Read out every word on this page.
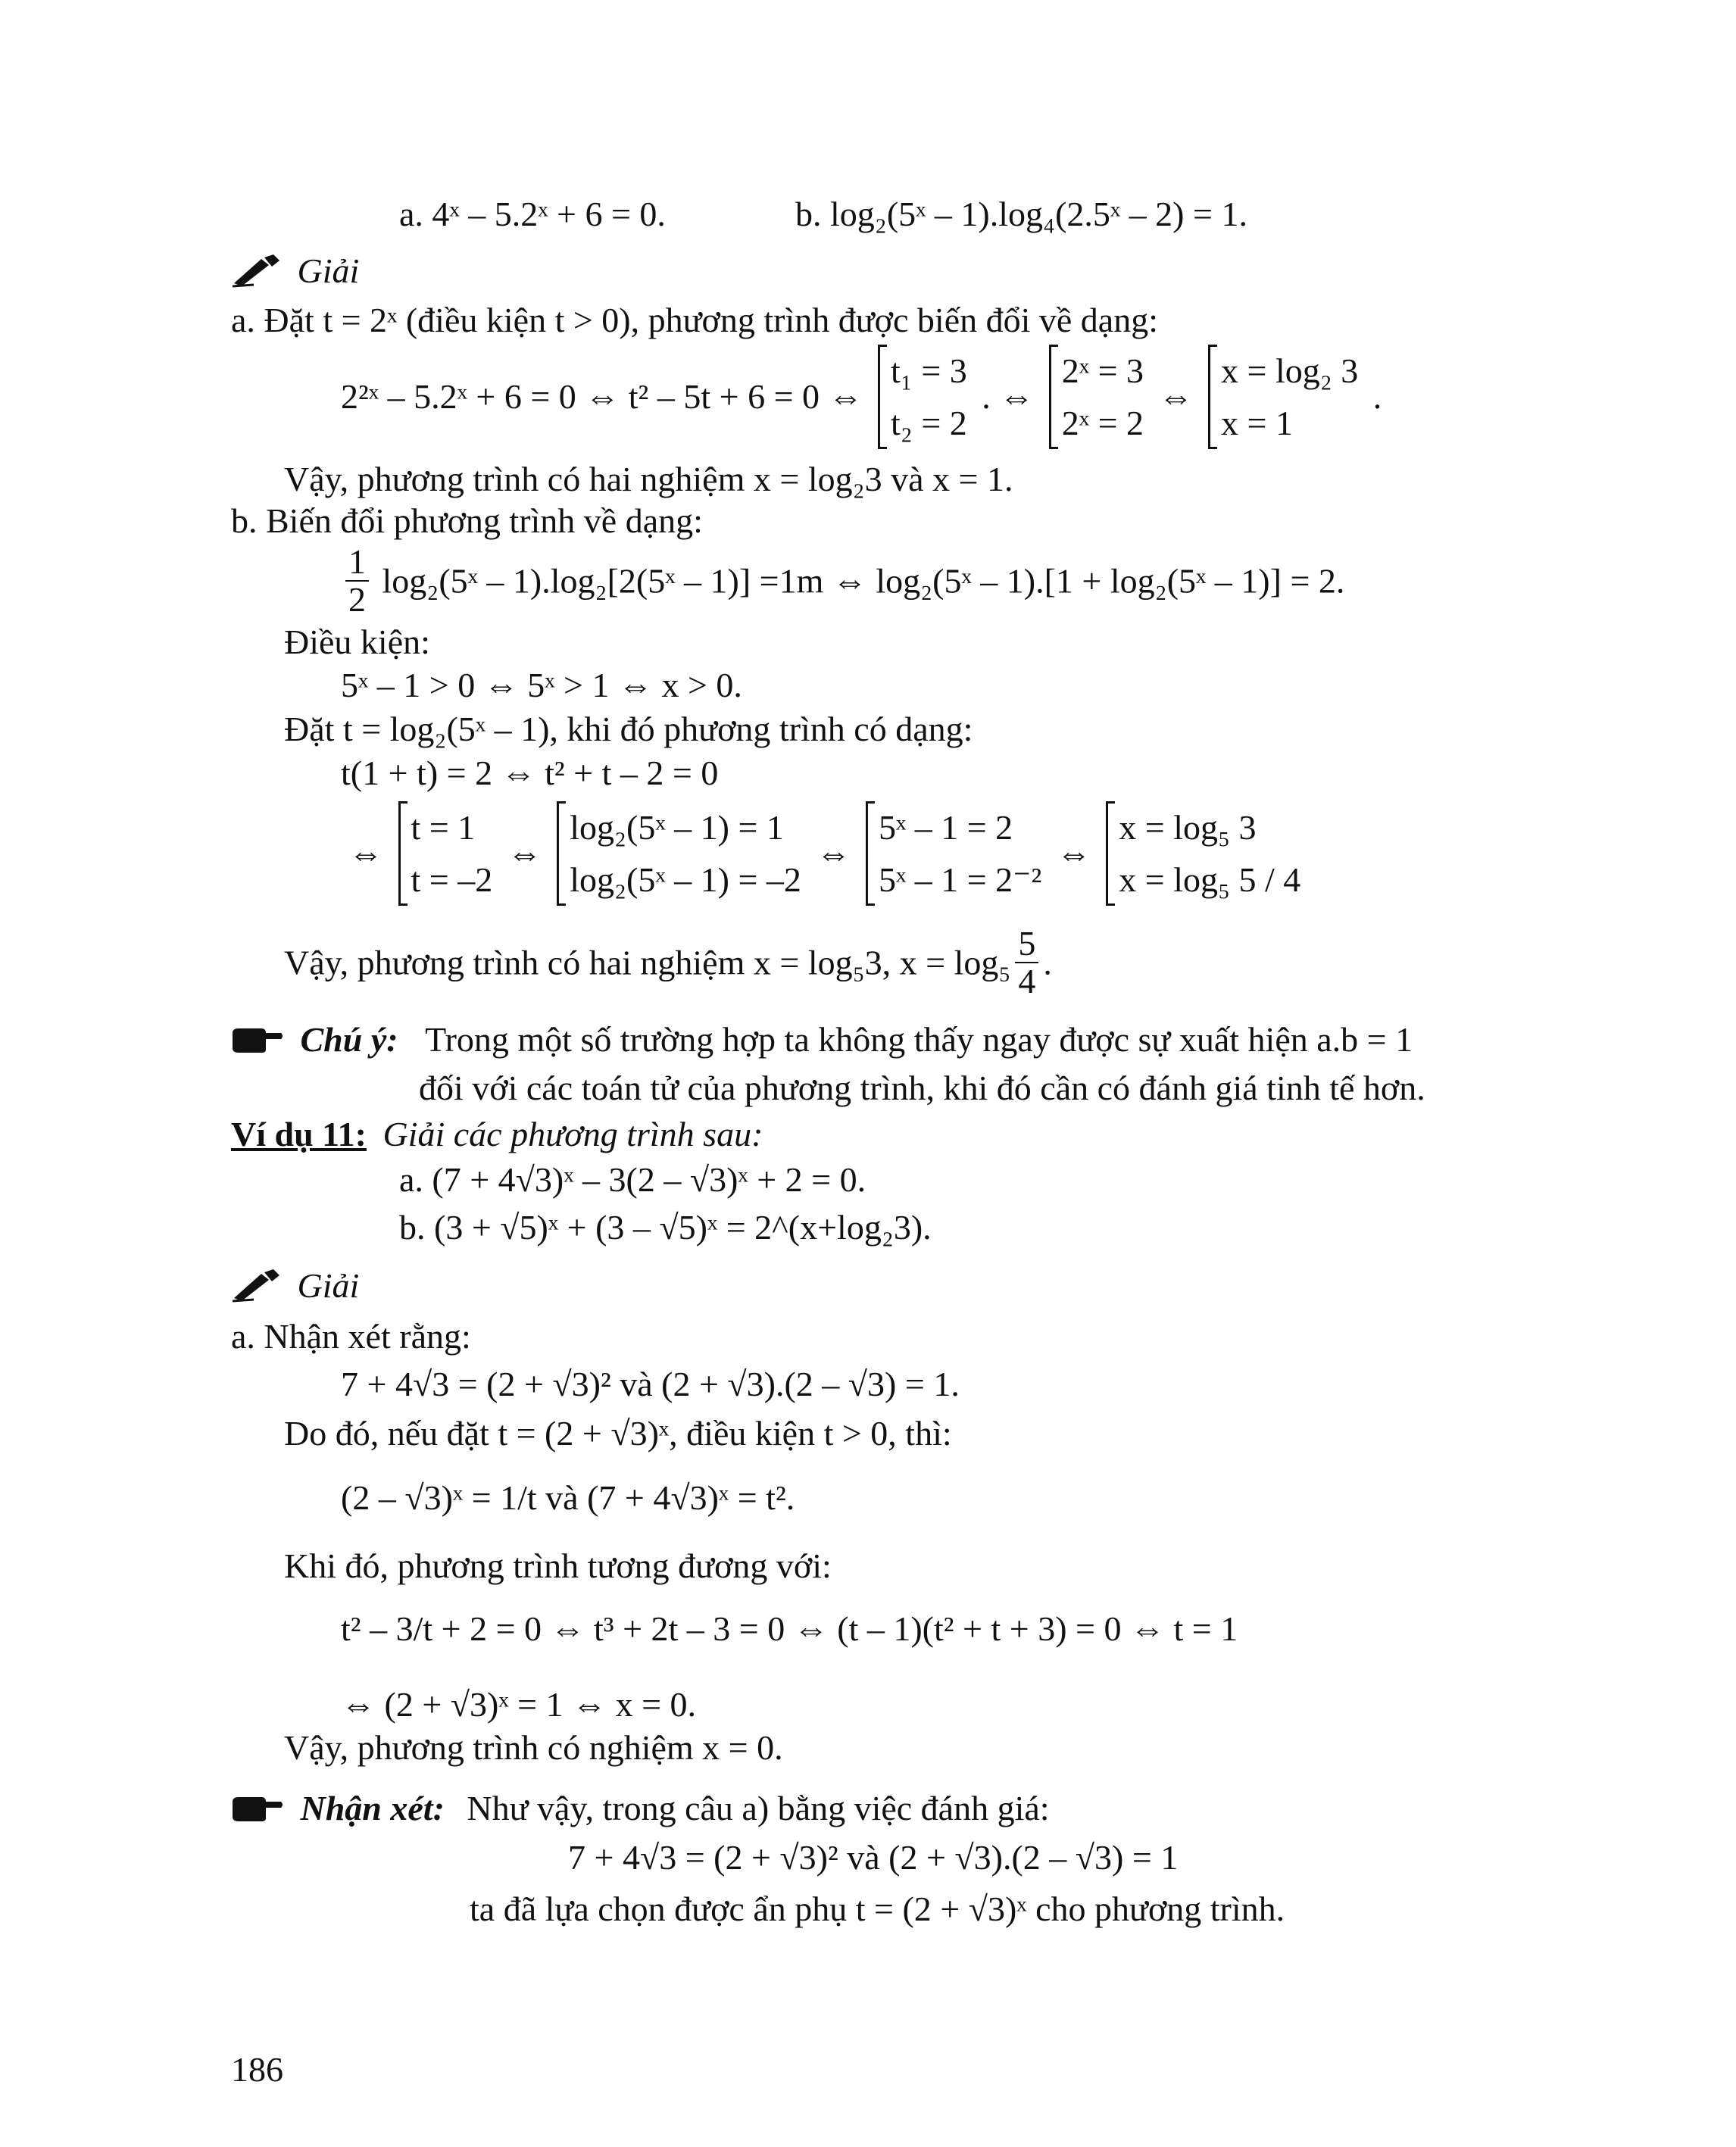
a. 4ˣ – 5.2ˣ + 6 = 0.	b. log₂(5ˣ – 1).log₄(2.5ˣ – 2) = 1.
Giải
a. Đặt t = 2ˣ (điều kiện t > 0), phương trình được biến đổi về dạng:
2²ˣ – 5.2ˣ + 6 = 0 ⇔ t² – 5t + 6 = 0 ⇔
t₁ = 3
t₂ = 2
. ⇔
2ˣ = 3
2ˣ = 2
⇔
x = log₂ 3
x = 1
.
Vậy, phương trình có hai nghiệm x = log₂3 và x = 1.
b. Biến đổi phương trình về dạng:
$\frac{1}{2}$ log₂(5ˣ – 1).log₂[2(5ˣ – 1)] =1m ⇔ log₂(5ˣ – 1).[1 + log₂(5ˣ – 1)] = 2.
Điều kiện:
5ˣ – 1 > 0 ⇔ 5ˣ > 1 ⇔ x > 0.
Đặt t = log₂(5ˣ – 1), khi đó phương trình có dạng:
t(1 + t) = 2 ⇔ t² + t – 2 = 0
⇔
t = 1
t = –2
⇔
log₂(5ˣ – 1) = 1
log₂(5ˣ – 1) = –2
⇔
5ˣ – 1 = 2
5ˣ – 1 = 2⁻²
⇔
x = log₅ 3
x = log₅ 5 / 4
Vậy, phương trình có hai nghiệm x = log₅3, $x = \log_5 \frac{5}{4}$ .
Chú ý: Trong một số trường hợp ta không thấy ngay được sự xuất hiện a.b = 1
đối với các toán tử của phương trình, khi đó cần có đánh giá tinh tế hơn.
Ví dụ 11: Giải các phương trình sau:
a. (7 + 4√3)ˣ – 3(2 – √3)ˣ + 2 = 0.
b. (3 + √5)ˣ + (3 – √5)ˣ = 2^(x+log₂3).
Giải
a. Nhận xét rằng:
7 + 4√3 = (2 + √3)² và (2 + √3).(2 – √3) = 1.
Do đó, nếu đặt t = (2 + √3)ˣ, điều kiện t > 0, thì:
(2 – √3)ˣ = 1/t và (7 + 4√3)ˣ = t².
Khi đó, phương trình tương đương với:
t² – 3/t + 2 = 0 ⇔ t³ + 2t – 3 = 0 ⇔ (t – 1)(t² + t + 3) = 0 ⇔ t = 1
⇔ (2 + √3)ˣ = 1 ⇔ x = 0.
Vậy, phương trình có nghiệm x = 0.
Nhận xét: Như vậy, trong câu a) bằng việc đánh giá:
7 + 4√3 = (2 + √3)² và (2 + √3).(2 – √3) = 1
ta đã lựa chọn được ẩn phụ t = (2 + √3)ˣ cho phương trình.
186
